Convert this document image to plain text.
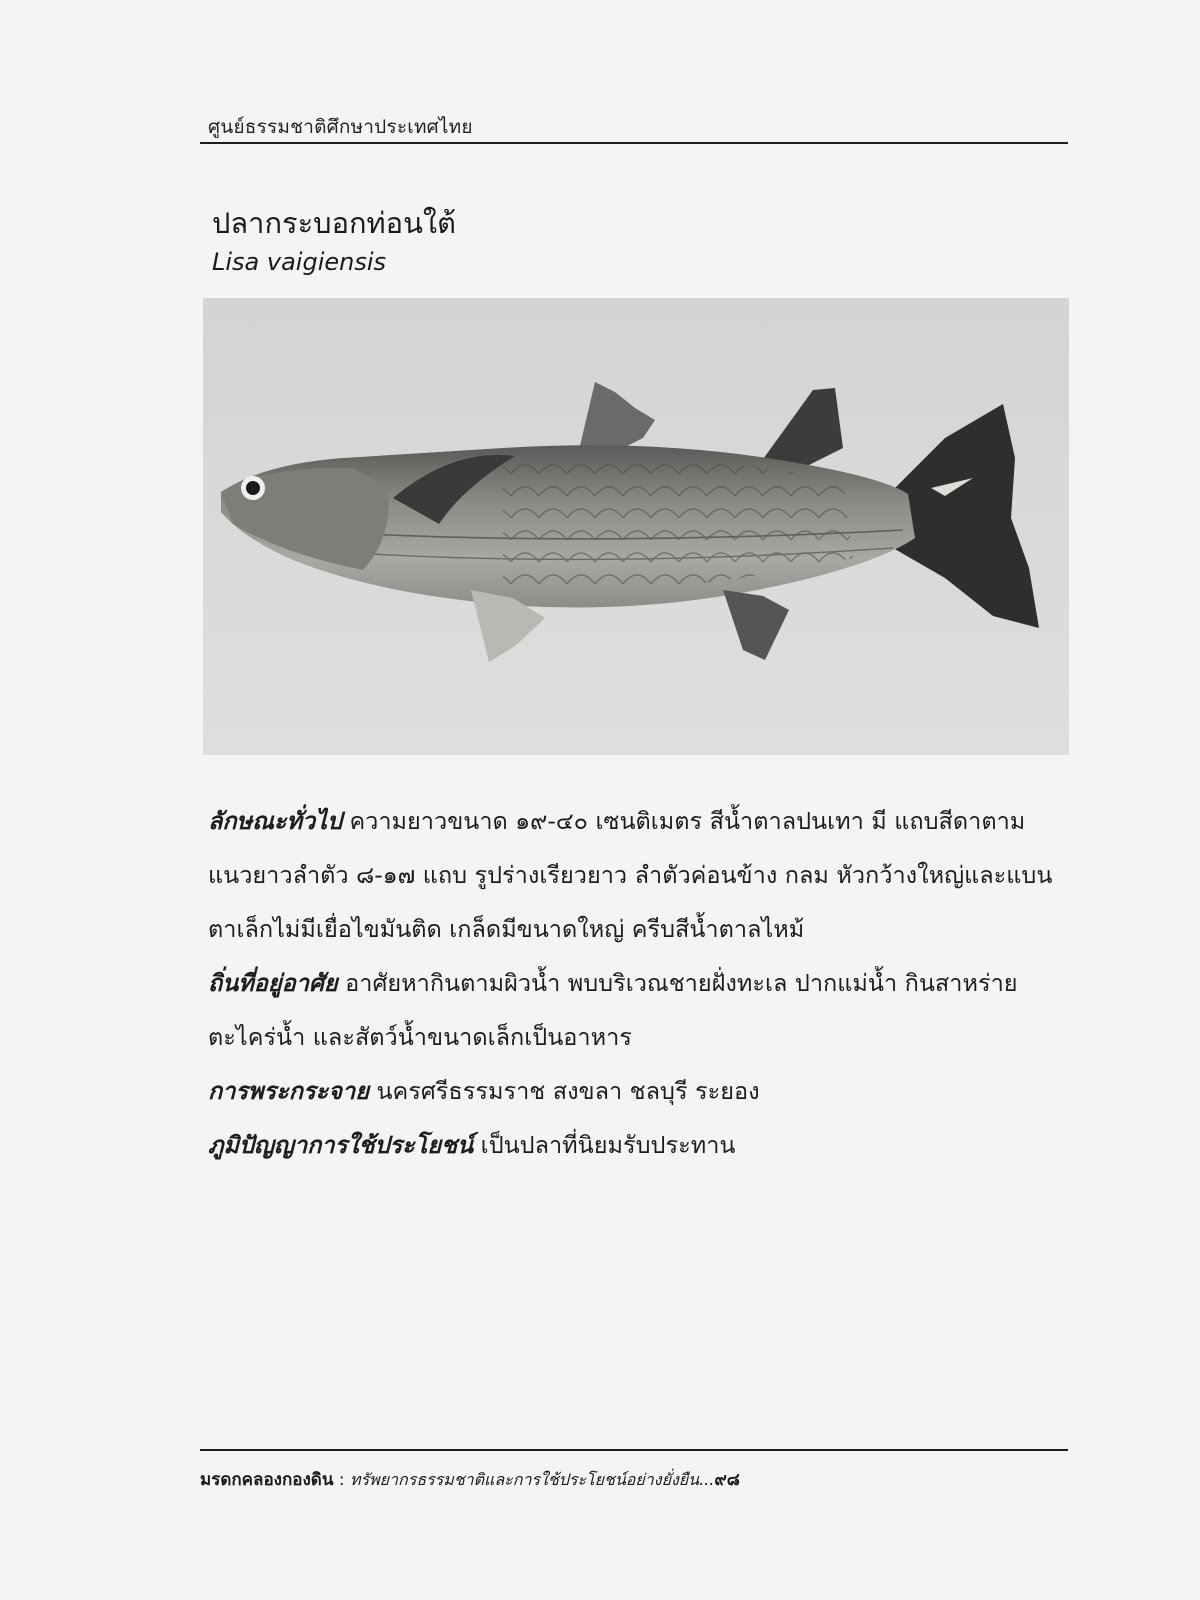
ศูนย์ธรรมชาติศึกษาประเทศไทย
ปลากระบอกท่อนใต้
Lisa vaigiensis

ลักษณะทั่วไป ความยาวขนาด ๑๙-๔๐ เซนติเมตร สีน้ำตาลปนเทา มี แถบสีดาตามแนวยาวลำตัว ๘-๑๗ แถบ รูปร่างเรียวยาว ลำตัวค่อนข้าง กลม หัวกว้างใหญ่และแบน ตาเล็กไม่มีเยื่อไขมันติด เกล็ดมีขนาดใหญ่ ครีบสีน้ำตาลไหม้

ถิ่นที่อยู่อาศัย อาศัยหากินตามผิวน้ำ พบบริเวณชายฝั่งทะเล ปากแม่น้ำ กินสาหร่าย ตะไคร่น้ำ และสัตว์น้ำขนาดเล็กเป็นอาหาร

การพระกระจาย นครศรีธรรมราช สงขลา ชลบุรี ระยอง

ภูมิปัญญาการใช้ประโยชน์ เป็นปลาที่นิยมรับประทาน

มรดกคลองกองดิน : ทรัพยากรธรรมชาติและการใช้ประโยชน์อย่างยั่งยืน...๙๘
